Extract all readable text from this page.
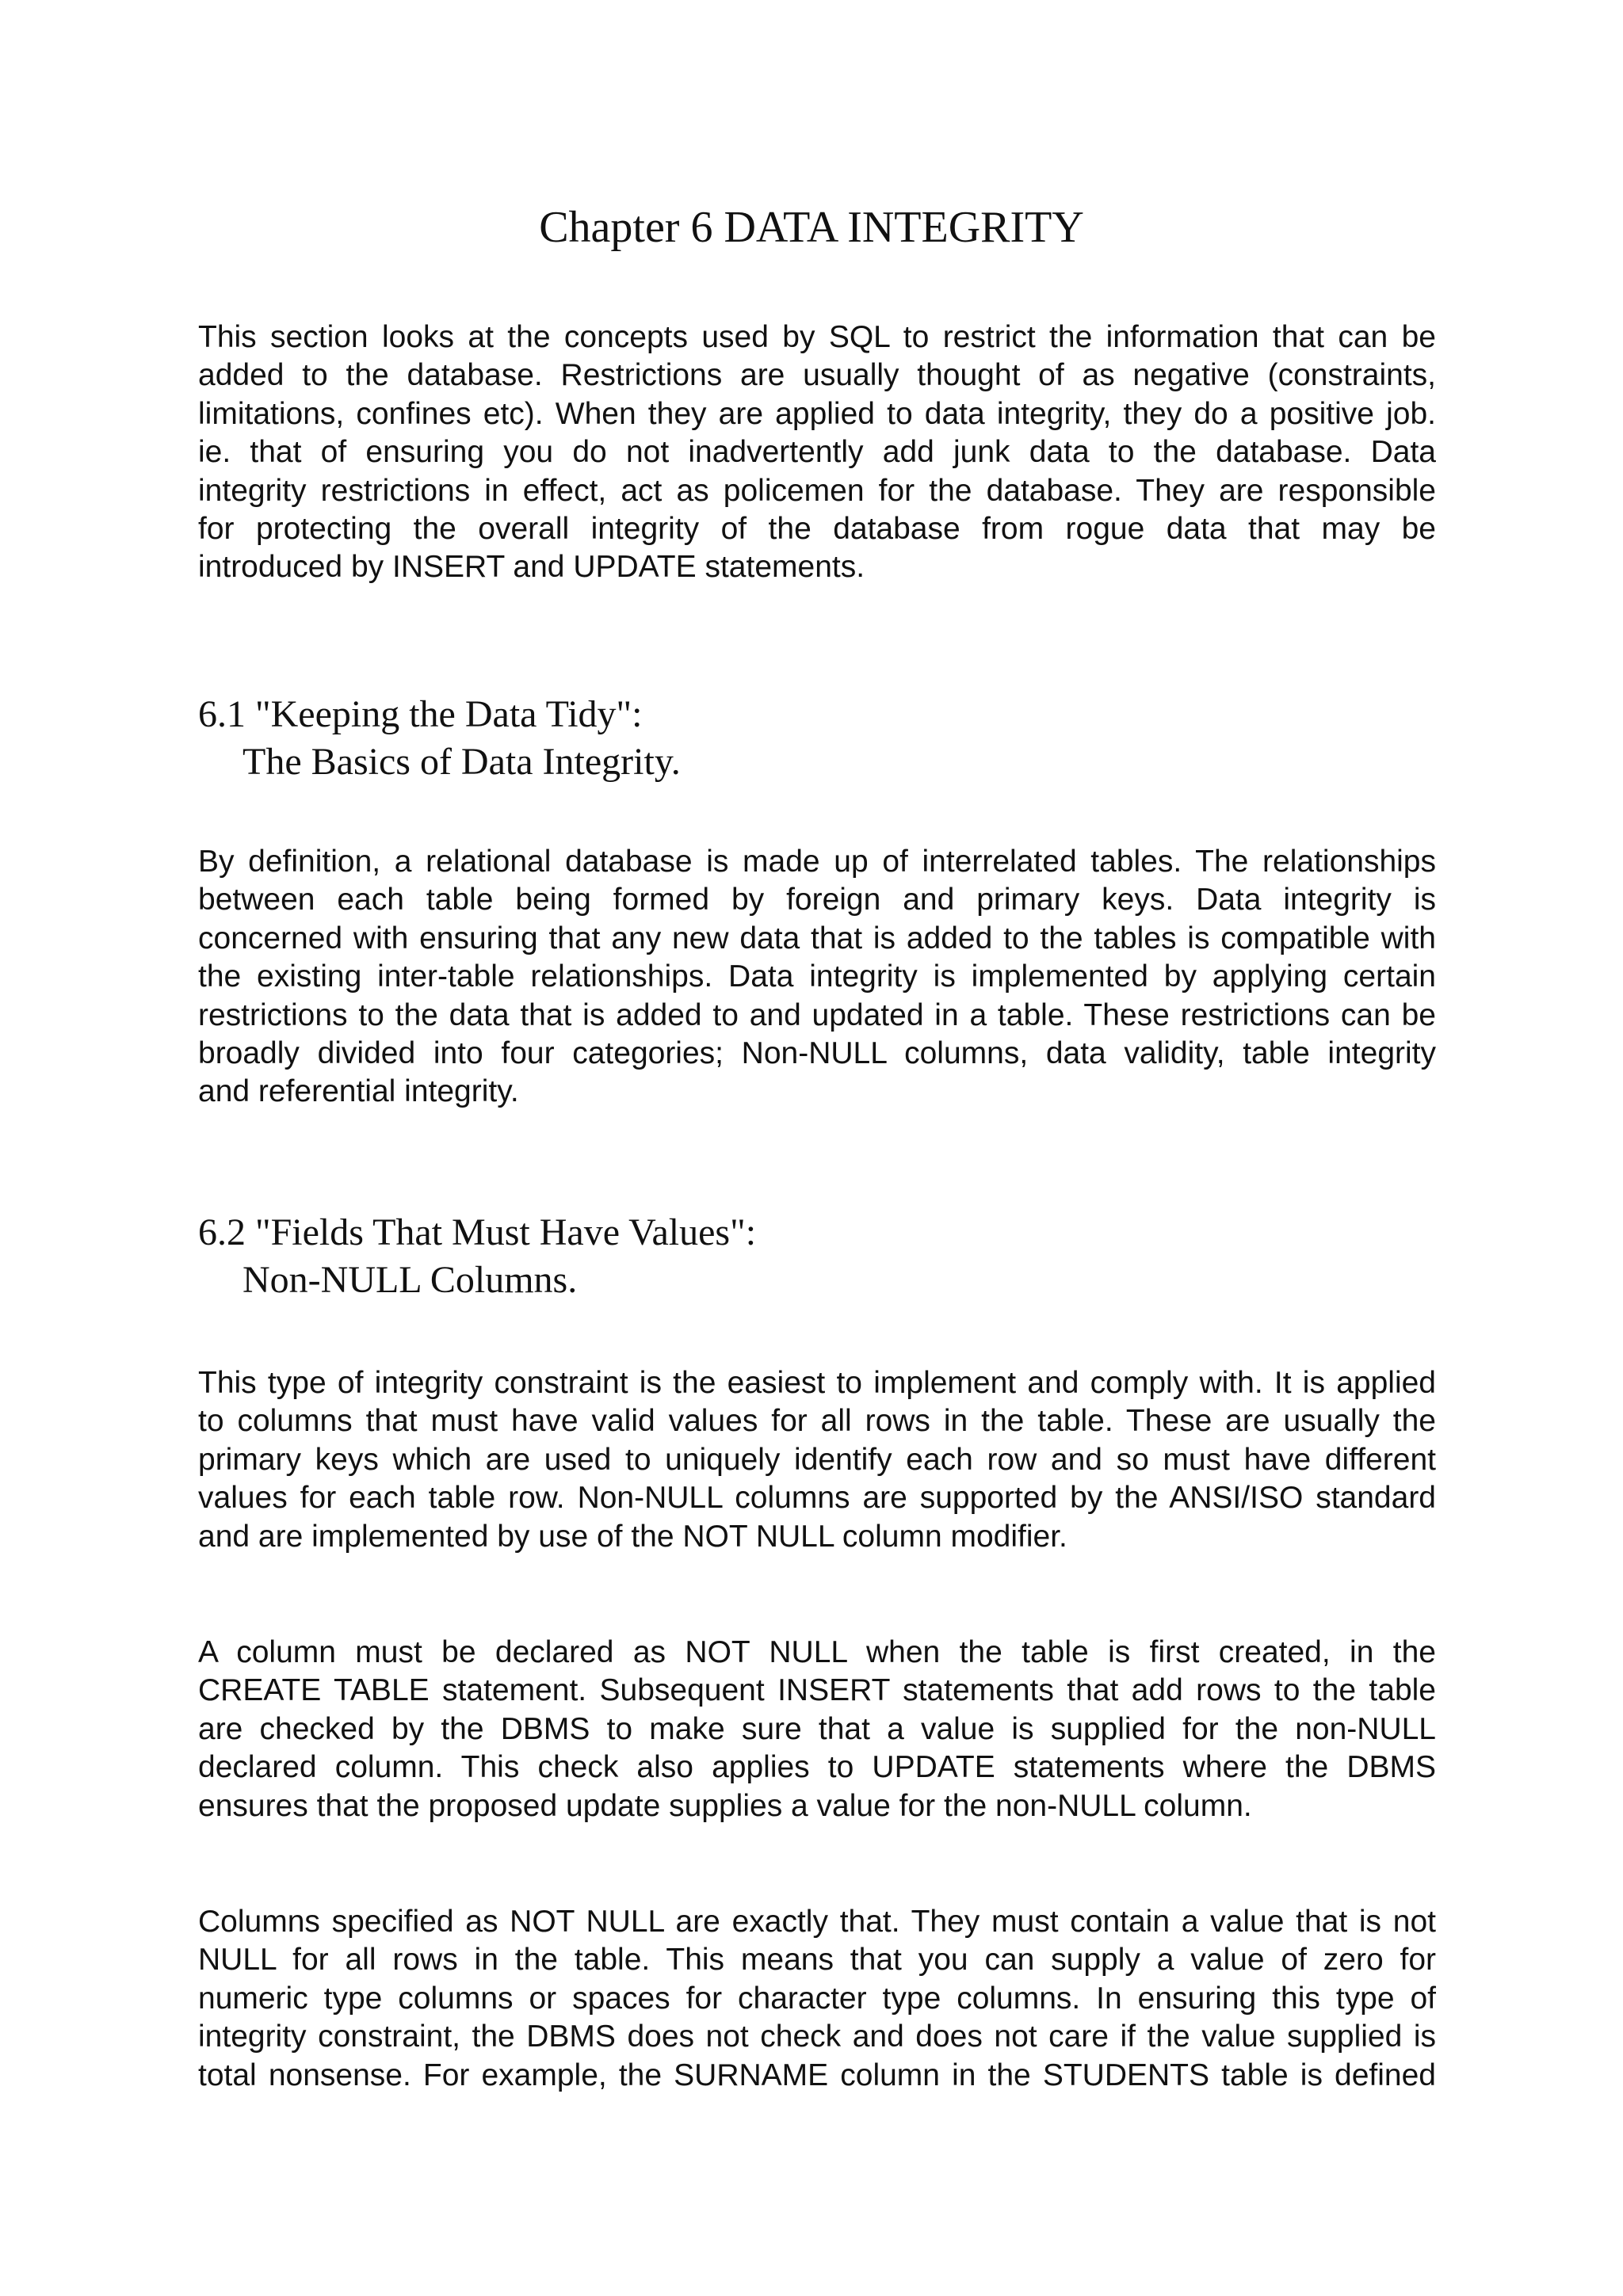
Chapter 6 DATA INTEGRITY

This section looks at the concepts used by SQL to restrict the information that can be
added to the database. Restrictions are usually thought of as negative (constraints,
limitations, confines etc). When they are applied to data integrity, they do a positive job.
ie. that of ensuring you do not inadvertently add junk data to the database. Data
integrity restrictions in effect, act as policemen for the database. They are responsible
for protecting the overall integrity of the database from rogue data that may be
introduced by INSERT and UPDATE statements.

6.1 "Keeping the Data Tidy":
The Basics of Data Integrity.

By definition, a relational database is made up of interrelated tables. The relationships
between each table being formed by foreign and primary keys. Data integrity is
concerned with ensuring that any new data that is added to the tables is compatible with
the existing inter-table relationships. Data integrity is implemented by applying certain
restrictions to the data that is added to and updated in a table. These restrictions can be
broadly divided into four categories; Non-NULL columns, data validity, table integrity
and referential integrity.

6.2 "Fields That Must Have Values":
Non-NULL Columns.

This type of integrity constraint is the easiest to implement and comply with. It is applied
to columns that must have valid values for all rows in the table. These are usually the
primary keys which are used to uniquely identify each row and so must have different
values for each table row. Non-NULL columns are supported by the ANSI/ISO standard
and are implemented by use of the NOT NULL column modifier.

A column must be declared as NOT NULL when the table is first created, in the
CREATE TABLE statement. Subsequent INSERT statements that add rows to the table
are checked by the DBMS to make sure that a value is supplied for the non-NULL
declared column. This check also applies to UPDATE statements where the DBMS
ensures that the proposed update supplies a value for the non-NULL column.

Columns specified as NOT NULL are exactly that. They must contain a value that is not
NULL for all rows in the table. This means that you can supply a value of zero for
numeric type columns or spaces for character type columns. In ensuring this type of
integrity constraint, the DBMS does not check and does not care if the value supplied is
total nonsense. For example, the SURNAME column in the STUDENTS table is defined
